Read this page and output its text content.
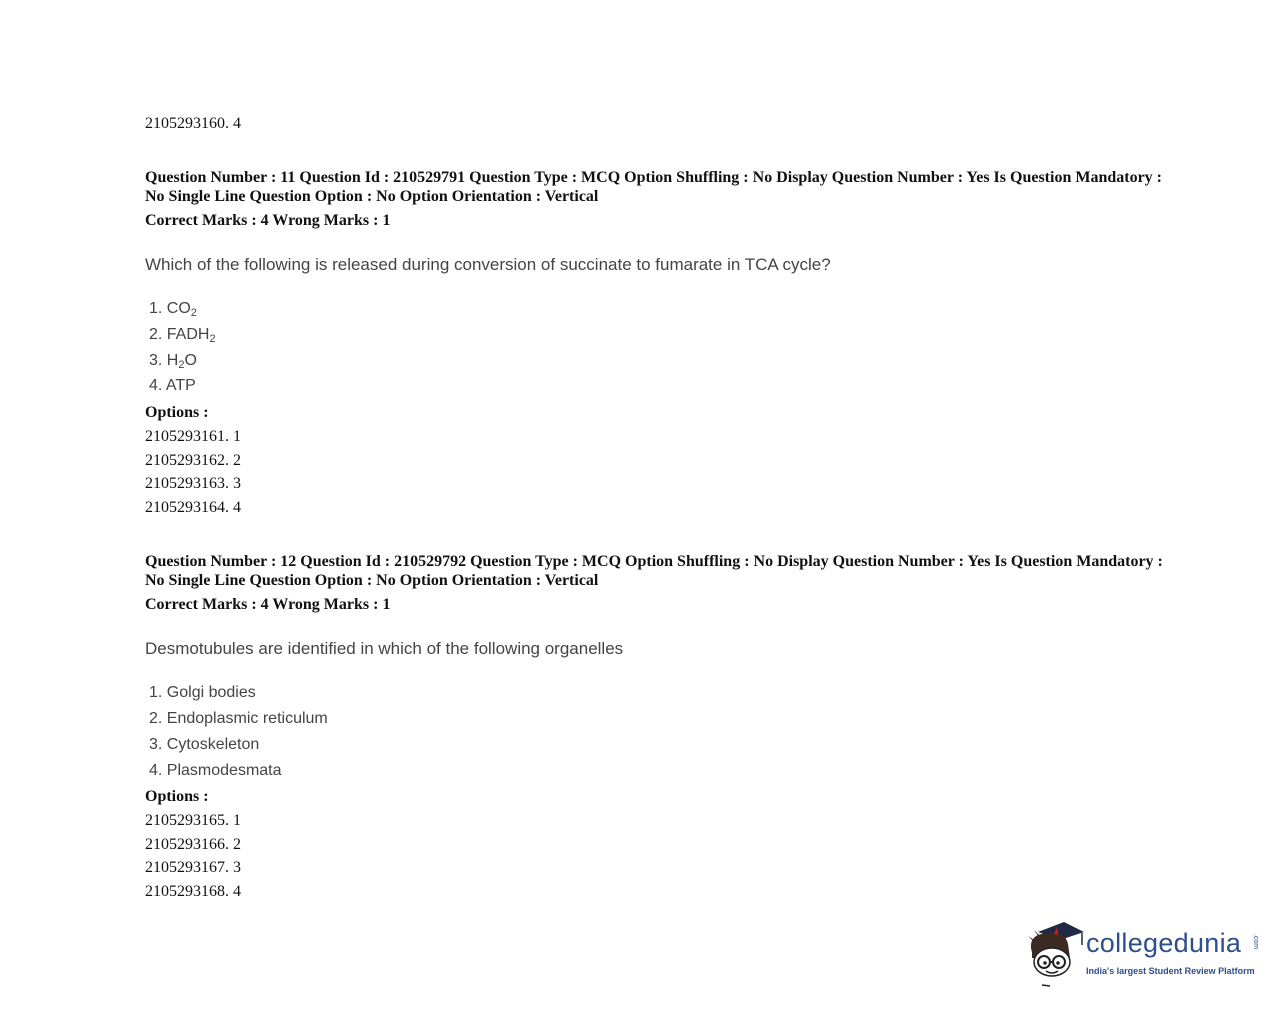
2105293160. 4
Question Number : 11 Question Id : 210529791 Question Type : MCQ Option Shuffling : No Display Question Number : Yes Is Question Mandatory : No Single Line Question Option : No Option Orientation : Vertical
Correct Marks : 4 Wrong Marks : 1
Which of the following is released during conversion of succinate to fumarate in TCA cycle?
1. $CO_2$
2. $FADH_2$
3. $H_2O$
4. ATP
Options :
2105293161. 1
2105293162. 2
2105293163. 3
2105293164. 4
Question Number : 12 Question Id : 210529792 Question Type : MCQ Option Shuffling : No Display Question Number : Yes Is Question Mandatory : No Single Line Question Option : No Option Orientation : Vertical
Correct Marks : 4 Wrong Marks : 1
Desmotubules are identified in which of the following organelles
1. Golgi bodies
2. Endoplasmic reticulum
3. Cytoskeleton
4. Plasmodesmata
Options :
2105293165. 1
2105293166. 2
2105293167. 3
2105293168. 4
collegedunia .com
India's largest Student Review Platform
